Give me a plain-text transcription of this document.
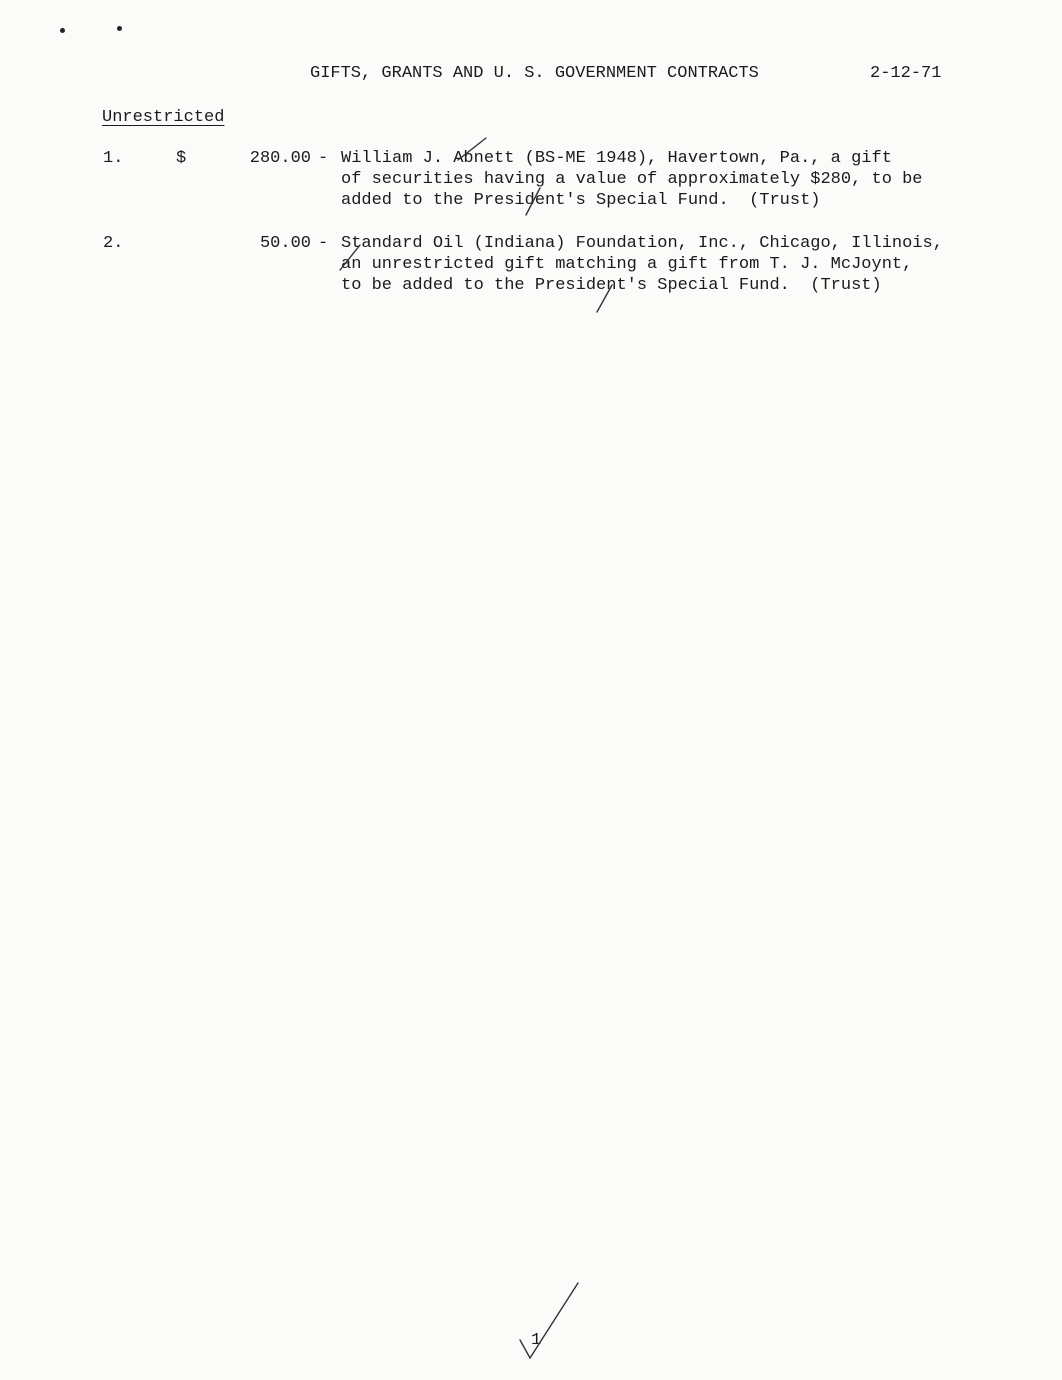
GIFTS, GRANTS AND U. S. GOVERNMENT CONTRACTS	2-12-71
Unrestricted
1.	$	280.00 - William J. Abnett (BS-ME 1948), Havertown, Pa., a gift
of securities having a value of approximately $280, to be
added to the President's Special Fund.  (Trust)
2.	50.00 - Standard Oil (Indiana) Foundation, Inc., Chicago, Illinois,
an unrestricted gift matching a gift from T. J. McJoynt,
to be added to the President's Special Fund.  (Trust)
1
